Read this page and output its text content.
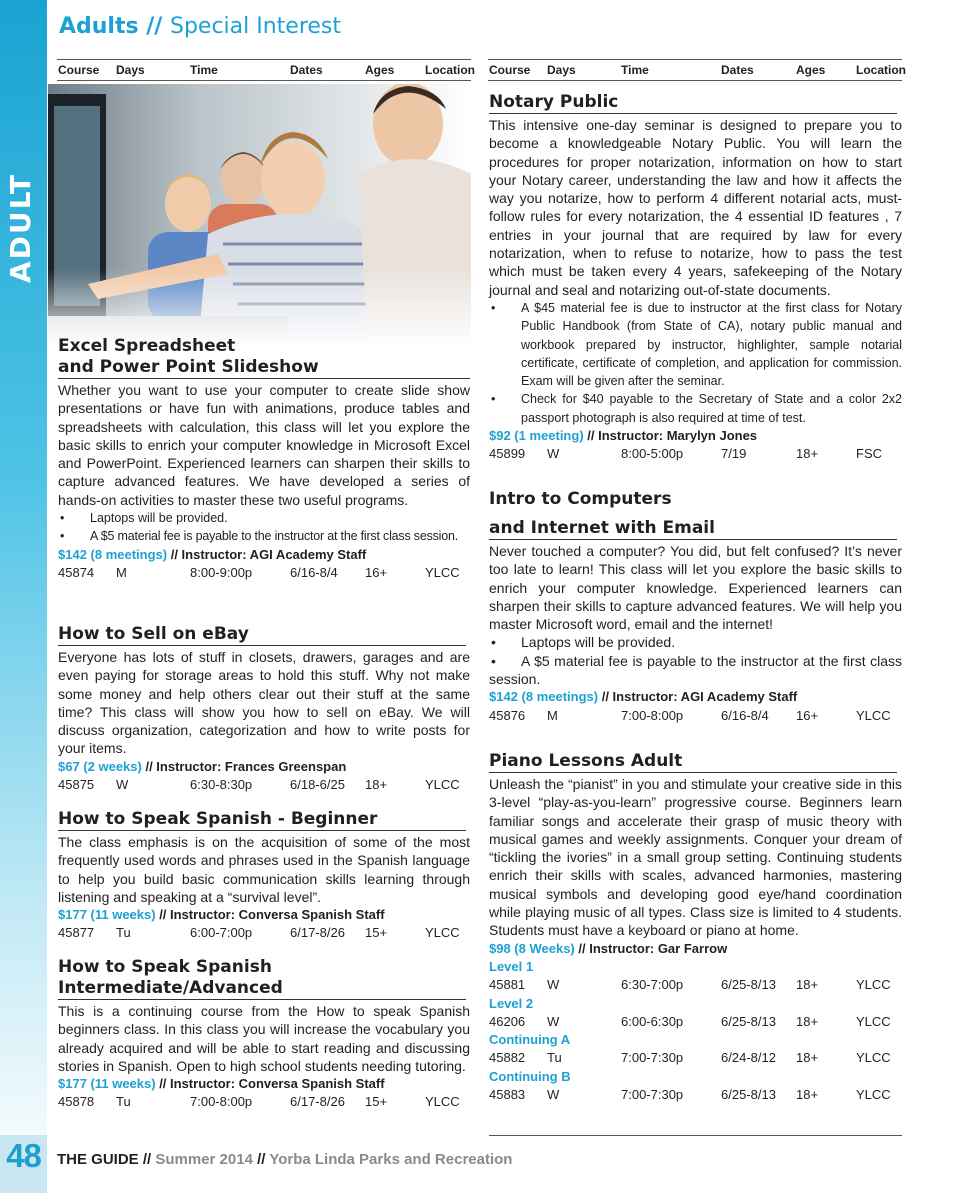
48
Adults // Special Interest
Course Days	Time	Dates	Ages	Location Course Days	Time	Dates	Ages	Location
Excel Spreadsheet
and Power Point Slideshow
Whether you want to use your computer to create slide show presentations or have fun with animations, produce tables and spreadsheets with calculation, this class will let you explore the basic skills to enrich your computer knowledge in Microsoft Excel and PowerPoint. Experienced learners can sharpen their skills to capture advanced features. We have developed a series of hands-on activities to master these two useful programs.
• Laptops will be provided.
• A $5 material fee is payable to the instructor at the first class session.
$142 (8 meetings) // Instructor: AGI Academy Staff
45874 M	8:00-9:00p	6/16-8/4 16+	YLCC
How to Sell on eBay
Everyone has lots of stuff in closets, drawers, garages and are even paying for storage areas to hold this stuff. Why not make some money and help others clear out their stuff at the same time? This class will show you how to sell on eBay. We will discuss organization, categorization and how to write posts for your items.
$67 (2 weeks) // Instructor: Frances Greenspan
45875 W	6:30-8:30p	6/18-6/25 18+	YLCC
How to Speak Spanish - Beginner
The class emphasis is on the acquisition of some of the most frequently used words and phrases used in the Spanish language to help you build basic communication skills learning through listening and speaking at a “survival level”.
$177 (11 weeks) // Instructor: Conversa Spanish Staff
45877 Tu	6:00-7:00p	6/17-8/26 15+	YLCC
How to Speak Spanish
Intermediate/Advanced
This is a continuing course from the How to speak Spanish beginners class. In this class you will increase the vocabulary you already acquired and will be able to start reading and discussing stories in Spanish. Open to high school students needing tutoring.
$177 (11 weeks) // Instructor: Conversa Spanish Staff
45878 Tu	7:00-8:00p	6/17-8/26 15+	YLCC
Notary Public
This intensive one-day seminar is designed to prepare you to become a knowledgeable Notary Public. You will learn the procedures for proper notarization, information on how to start your Notary career, understanding the law and how it affects the way you notarize, how to perform 4 different notarial acts, must-follow rules for every notarization, the 4 essential ID features , 7 entries in your journal that are required by law for every notarization, when to refuse to notarize, how to pass the test which must be taken every 4 years, safekeeping of the Notary journal and seal and notarizing out-of-state documents.
• A $45 material fee is due to instructor at the first class for Notary Public Handbook (from State of CA), notary public manual and workbook prepared by instructor, highlighter, sample notarial certificate, certificate of completion, and application for commission. Exam will be given after the seminar.
• Check for $40 payable to the Secretary of State and a color 2x2 passport photograph is also required at time of test.
$92 (1 meeting) // Instructor: Marylyn Jones
45899 W	8:00-5:00p	7/19	18+	FSC
Intro to Computers
and Internet with Email
Never touched a computer? You did, but felt confused? It’s never too late to learn! This class will let you explore the basic skills to enrich your computer knowledge. Experienced learners can sharpen their skills to capture advanced features. We will help you master Microsoft word, email and the internet!
• Laptops will be provided.
• A $5 material fee is payable to the instructor at the first class session.
$142 (8 meetings) // Instructor: AGI Academy Staff
45876 M	7:00-8:00p	6/16-8/4 16+	YLCC
Piano Lessons Adult
Unleash the “pianist” in you and stimulate your creative side in this 3-level “play-as-you-learn” progressive course. Beginners learn familiar songs and accelerate their grasp of music theory with musical games and weekly assignments. Conquer your dream of “tickling the ivories” in a small group setting. Continuing students enrich their skills with scales, advanced harmonies, mastering musical symbols and developing good eye/hand coordination while playing music of all types. Class size is limited to 4 students. Students must have a keyboard or piano at home.
$98 (8 Weeks) // Instructor: Gar Farrow
Level 1
45881 W	6:30-7:00p	6/25-8/13 18+	YLCC
Level 2
46206 W	6:00-6:30p	6/25-8/13 18+	YLCC
Continuing A
45882 Tu	7:00-7:30p	6/24-8/12 18+	YLCC
Continuing B
45883 W	7:00-7:30p	6/25-8/13 18+	YLCC
THE GUIDE // Summer 2014 // Yorba Linda Parks and Recreation
